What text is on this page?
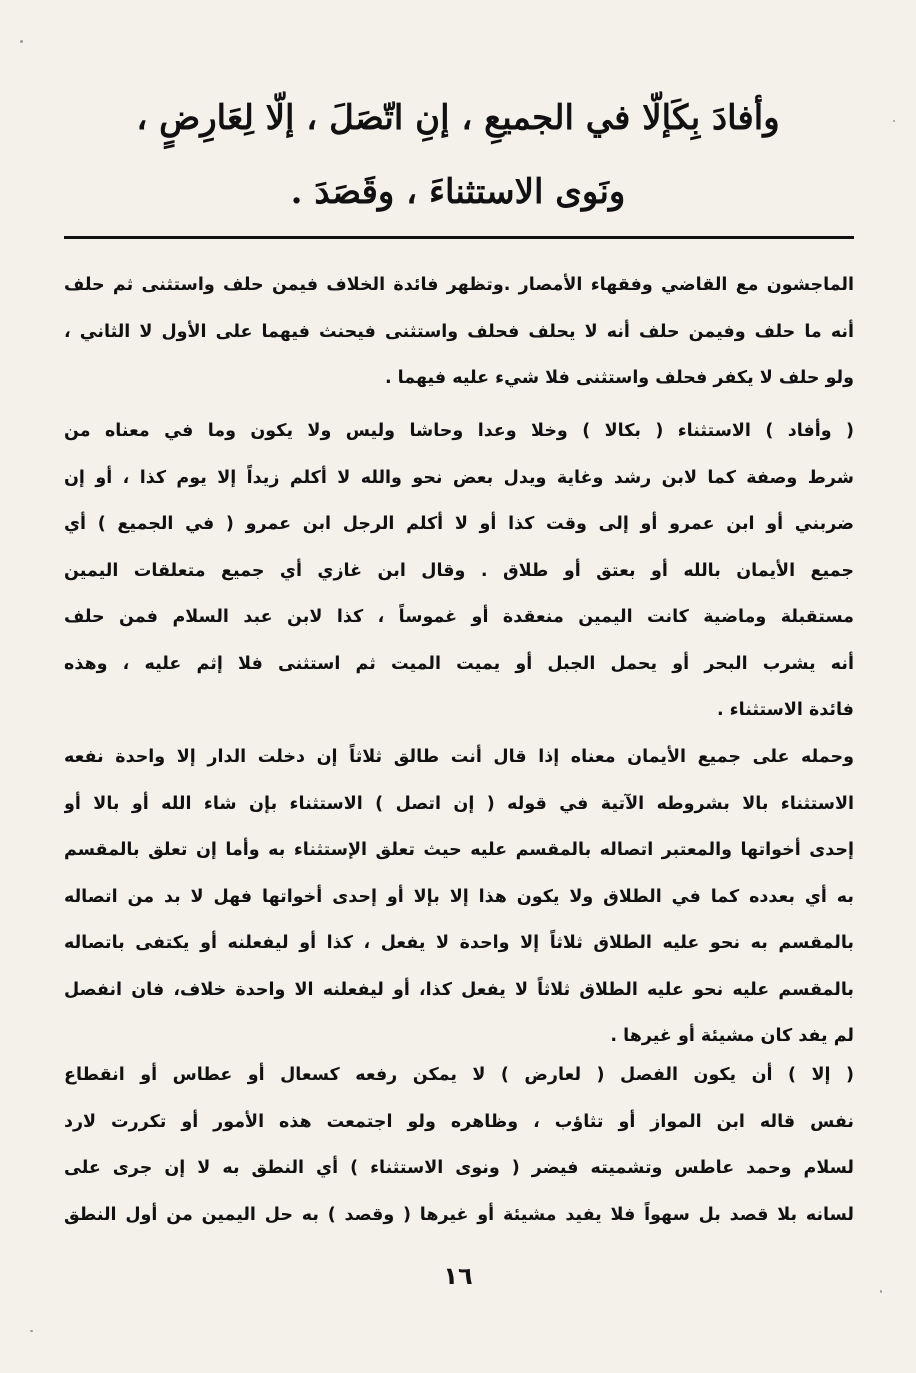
وأفادَ بِكَإلّا في الجميعِ ، إنِ اتّصَلَ ، إلّا لِعَارِضٍ ،
ونَوى الاستثناءَ ، وقَصَدَ .
الماجشون مع القاضي وفقهاء الأمصار .وتظهر فائدة الخلاف فيمن حلف واستثنى ثم حلف
أنه ما حلف وفيمن حلف أنه لا يحلف فحلف واستثنى فيحنث فيهما على الأول لا الثاني ،
ولو حلف لا يكفر فحلف واستثنى فلا شيء عليه فيهما .
( وأفاد ) الاستثناء ( بكالا ) وخلا وعدا وحاشا وليس ولا يكون وما في معناه من
شرط وصفة كما لابن رشد وغاية ويدل بعض نحو والله لا أكلم زيداً إلا يوم كذا ، أو إن
ضربني أو ابن عمرو أو إلى وقت كذا أو لا أكلم الرجل ابن عمرو ( في الجميع ) أي
جميع الأيمان بالله أو بعتق أو طلاق . وقال ابن غازي أي جميع متعلقات اليمين
مستقبلة وماضية كانت اليمين منعقدة أو غموساً ، كذا لابن عبد السلام فمن حلف
أنه يشرب البحر أو يحمل الجبل أو يميت الميت ثم استثنى فلا إثم عليه ، وهذه
فائدة الاستثناء .
وحمله على جميع الأيمان معناه إذا قال أنت طالق ثلاثاً إن دخلت الدار إلا واحدة نفعه
الاستثناء بالا بشروطه الآتية في قوله ( إن اتصل ) الاستثناء بإن شاء الله أو بالا أو
إحدى أخواتها والمعتبر اتصاله بالمقسم عليه حيث تعلق الإستثناء به وأما إن تعلق بالمقسم
به أي بعدده كما في الطلاق ولا يكون هذا إلا بإلا أو إحدى أخواتها فهل لا بد من اتصاله
بالمقسم به نحو عليه الطلاق ثلاثاً إلا واحدة لا يفعل ، كذا أو ليفعلنه أو يكتفى باتصاله
بالمقسم عليه نحو عليه الطلاق ثلاثاً لا يفعل كذا، أو ليفعلنه الا واحدة خلاف، فان انفصل
لم يفد كان مشيئة أو غيرها .
( إلا ) أن يكون الفصل ( لعارض ) لا يمكن رفعه كسعال أو عطاس أو انقطاع
نفس قاله ابن المواز أو تثاؤب ، وظاهره ولو اجتمعت هذه الأمور أو تكررت لارد
لسلام وحمد عاطس وتشميته فيضر ( ونوى الاستثناء ) أي النطق به لا إن جرى على
لسانه بلا قصد بل سهواً فلا يفيد مشيئة أو غيرها ( وقصد ) به حل اليمين من أول النطق
١٦
